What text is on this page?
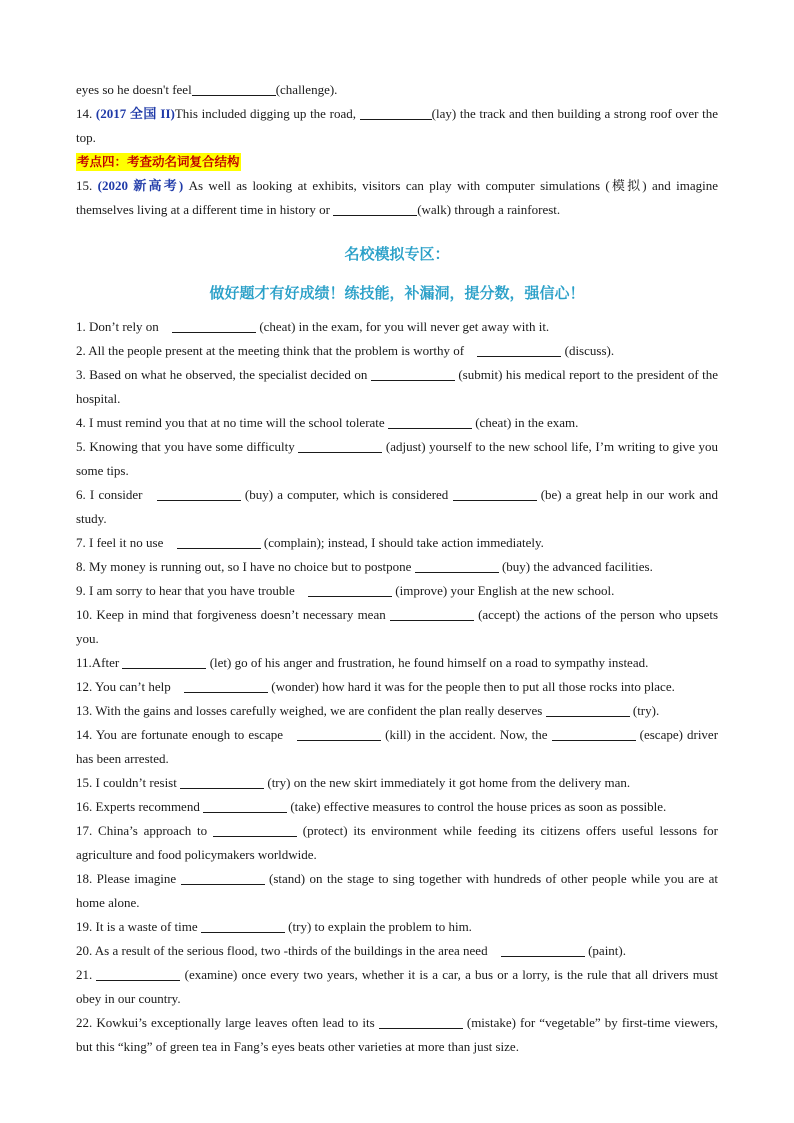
eyes so he doesn't feel	(challenge).

14. (2017 全国 II)This included digging up the road,	(lay) the track and then building a strong roof over the top.

考点四：考查动名词复合结构

15. (2020 新高考) As well as looking at exhibits, visitors can play with computer simulations (模拟) and imagine themselves living at a different time in history or	(walk) through a rainforest.

名校模拟专区：
做好题才有好成绩！练技能，补漏洞，提分数，强信心！

1. Don’t rely on	(cheat) in the exam, for you will never get away with it.

2. All the people present at the meeting think that the problem is worthy of	(discuss).

3. Based on what he observed, the specialist decided on	(submit) his medical report to the president of the hospital.

4. I must remind you that at no time will the school tolerate	(cheat) in the exam.

5. Knowing that you have some difficulty	(adjust) yourself to the new school life, I’m writing to give you some tips.

6. I consider	(buy) a computer, which is considered	(be) a great help in our work and study.

7. I feel it no use	(complain); instead, I should take action immediately.

8. My money is running out, so I have no choice but to postpone	(buy) the advanced facilities.

9. I am sorry to hear that you have trouble	(improve) your English at the new school.

10. Keep in mind that forgiveness doesn’t necessary mean	(accept) the actions of the person who upsets you.

11.After	(let) go of his anger and frustration, he found himself on a road to sympathy instead.

12. You can’t help	(wonder) how hard it was for the people then to put all those rocks into place.

13. With the gains and losses carefully weighed, we are confident the plan really deserves	(try).

14. You are fortunate enough to escape	(kill) in the accident. Now, the	(escape) driver has been arrested.

15. I couldn’t resist	(try) on the new skirt immediately it got home from the delivery man.

16. Experts recommend	(take) effective measures to control the house prices as soon as possible.

17. China’s approach to	(protect) its environment while feeding its citizens offers useful lessons for agriculture and food policymakers worldwide.

18. Please imagine	(stand) on the stage to sing together with hundreds of other people while you are at home alone.

19. It is a waste of time	(try) to explain the problem to him.

20. As a result of the serious flood, two -thirds of the buildings in the area need	(paint).

21.	(examine) once every two years, whether it is a car, a bus or a lorry, is the rule that all drivers must obey in our country.

22. Kowkui’s exceptionally large leaves often lead to its	(mistake) for “vegetable” by first-time viewers, but this “king” of green tea in Fang’s eyes beats other varieties at more than just size.
